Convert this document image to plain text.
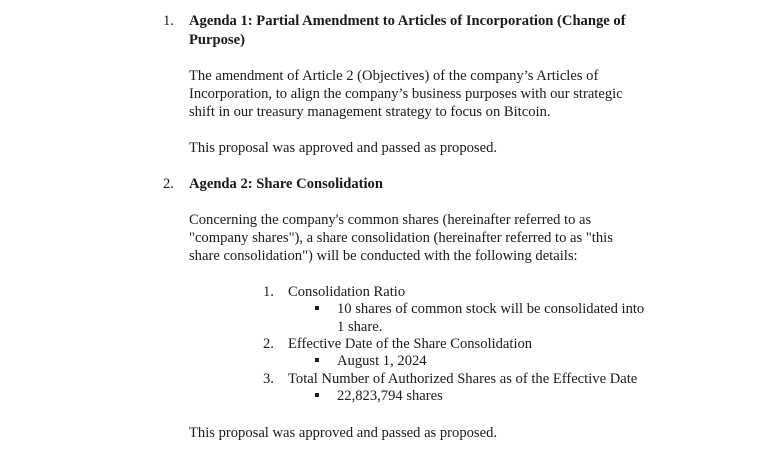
1. Agenda 1: Partial Amendment to Articles of Incorporation (Change of
Purpose)
The amendment of Article 2 (Objectives) of the company’s Articles of
Incorporation, to align the company’s business purposes with our strategic
shift in our treasury management strategy to focus on Bitcoin.
This proposal was approved and passed as proposed.
2. Agenda 2: Share Consolidation
Concerning the company's common shares (hereinafter referred to as
"company shares"), a share consolidation (hereinafter referred to as "this
share consolidation") will be conducted with the following details:
1. Consolidation Ratio
10 shares of common stock will be consolidated into
1 share.
2. Effective Date of the Share Consolidation
August 1, 2024
3. Total Number of Authorized Shares as of the Effective Date
22,823,794 shares
This proposal was approved and passed as proposed.
